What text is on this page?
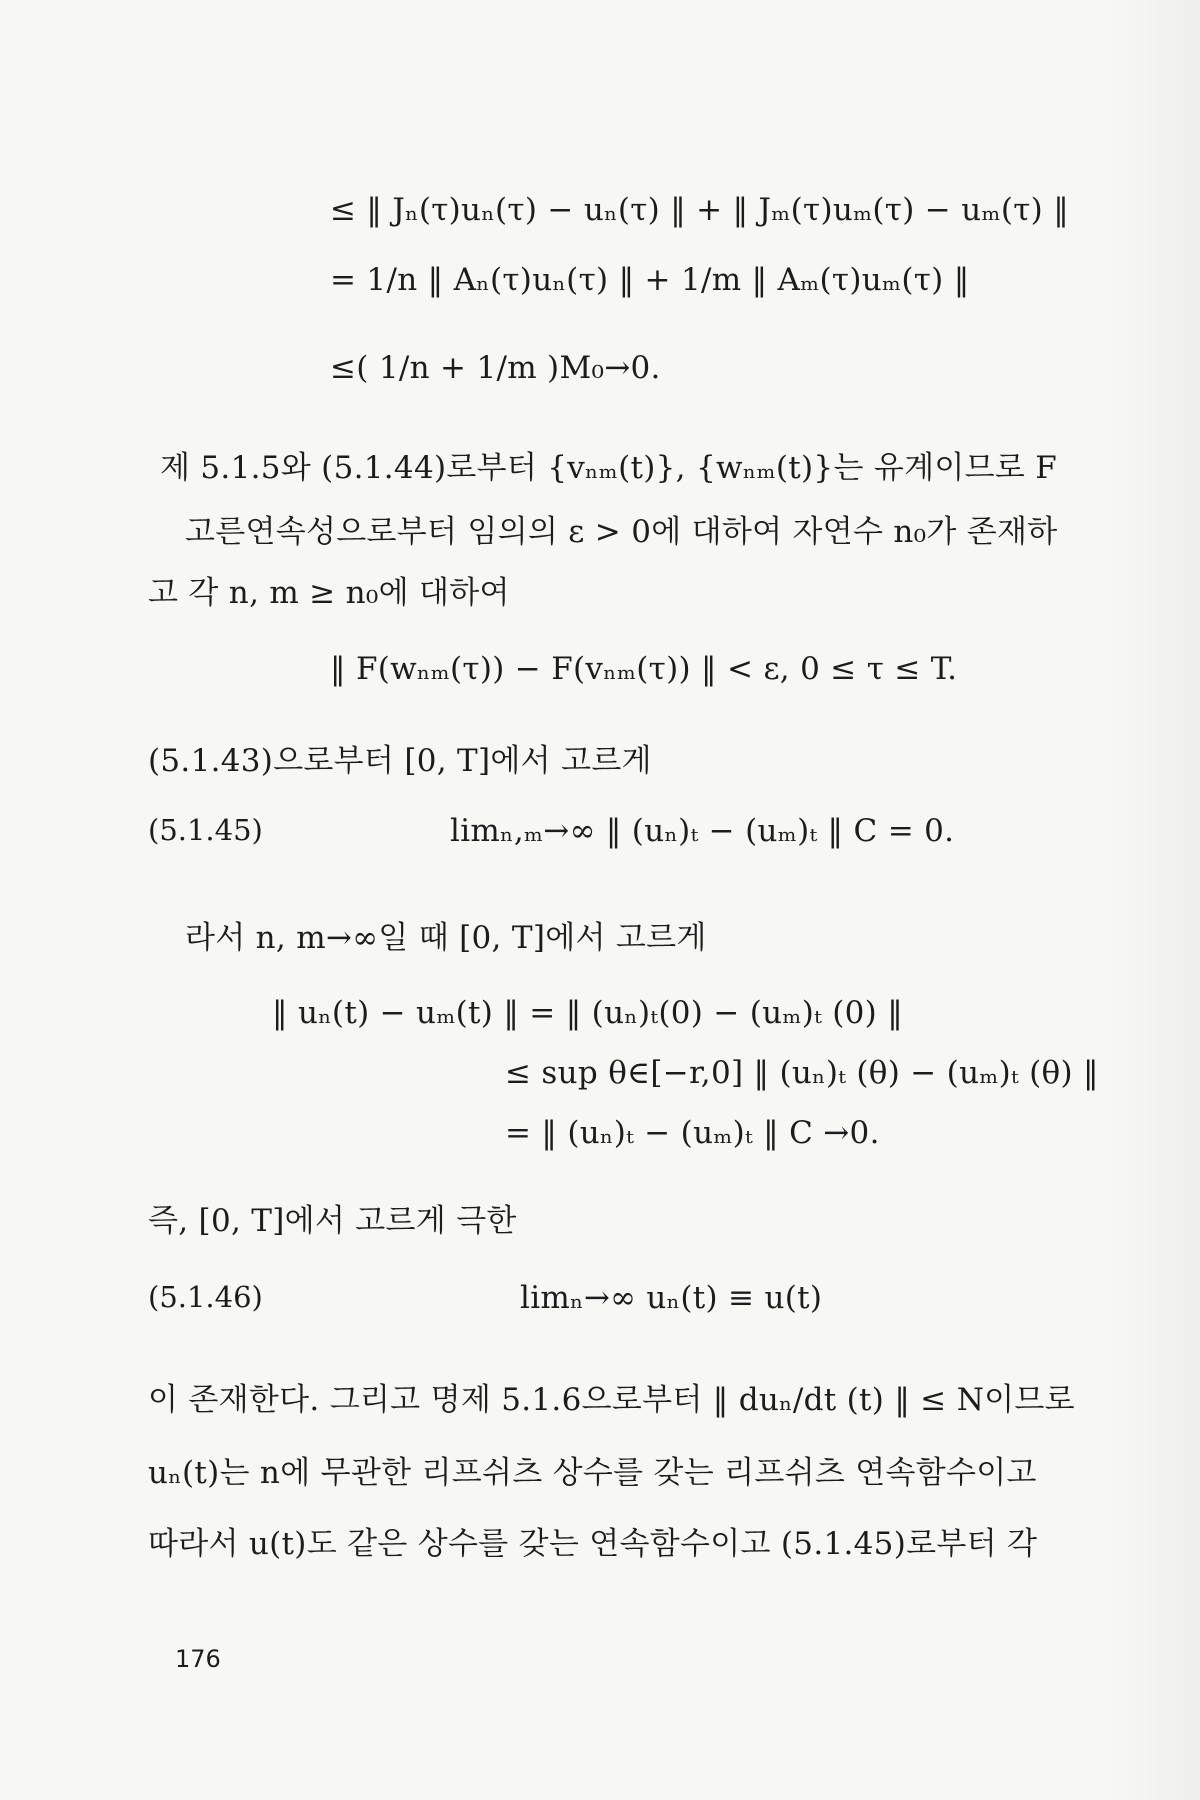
≤ ‖ Jₙ(τ)uₙ(τ) − uₙ(τ) ‖ + ‖ Jₘ(τ)uₘ(τ) − uₘ(τ) ‖
= 1/n ‖ Aₙ(τ)uₙ(τ) ‖ + 1/m ‖ Aₘ(τ)uₘ(τ) ‖
≤( 1/n + 1/m )M₀→0.
제 5.1.5와 (5.1.44)로부터 {vₙₘ(t)}, {wₙₘ(t)}는 유계이므로 F
고른연속성으로부터 임의의 ε > 0에 대하여 자연수 n₀가 존재하
고 각 n, m ≥ n₀에 대하여
‖ F(wₙₘ(τ)) − F(vₙₘ(τ)) ‖ < ε, 0 ≤ τ ≤ T.
(5.1.43)으로부터 [0, T]에서 고르게
(5.1.45)	limₙ,ₘ→∞ ‖ (uₙ)ₜ − (uₘ)ₜ ‖ C = 0.
라서 n, m→∞일 때 [0, T]에서 고르게
‖ uₙ(t) − uₘ(t) ‖ = ‖ (uₙ)ₜ(0) − (uₘ)ₜ (0) ‖
≤ sup θ∈[−r,0] ‖ (uₙ)ₜ (θ) − (uₘ)ₜ (θ) ‖
= ‖ (uₙ)ₜ − (uₘ)ₜ ‖ C →0.
즉, [0, T]에서 고르게 극한
(5.1.46)	limₙ→∞ uₙ(t) ≡ u(t)
이 존재한다. 그리고 명제 5.1.6으로부터 ‖ duₙ/dt (t) ‖ ≤ N이므로
uₙ(t)는 n에 무관한 리프쉬츠 상수를 갖는 리프쉬츠 연속함수이고
따라서 u(t)도 같은 상수를 갖는 연속함수이고 (5.1.45)로부터 각
176
